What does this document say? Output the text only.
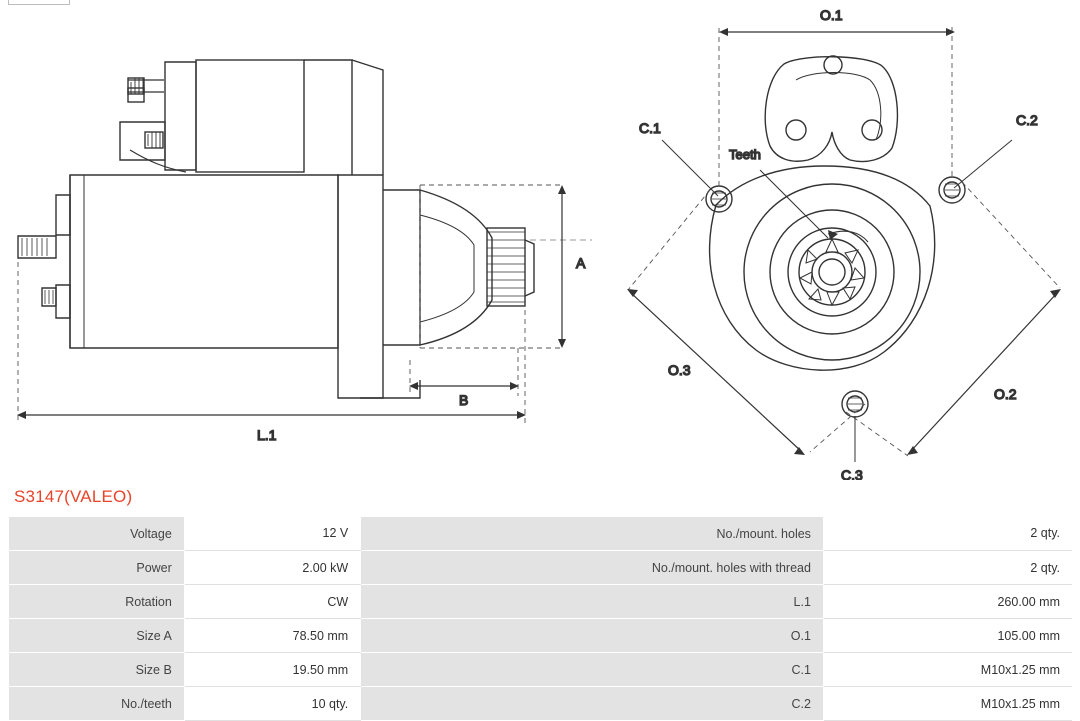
A
B
L.1
C.1	C.2
C.3
Teeth
O.1
O.2
O.3
S3147(VALEO)
Voltage	12 V	No./mount. holes	2 qty.
Power	2.00 kW	No./mount. holes with thread	2 qty.
Rotation	CW	L.1	260.00 mm
Size A	78.50 mm	O.1	105.00 mm
Size B	19.50 mm	C.1	M10x1.25 mm
No./teeth	10 qty.	C.2	M10x1.25 mm
